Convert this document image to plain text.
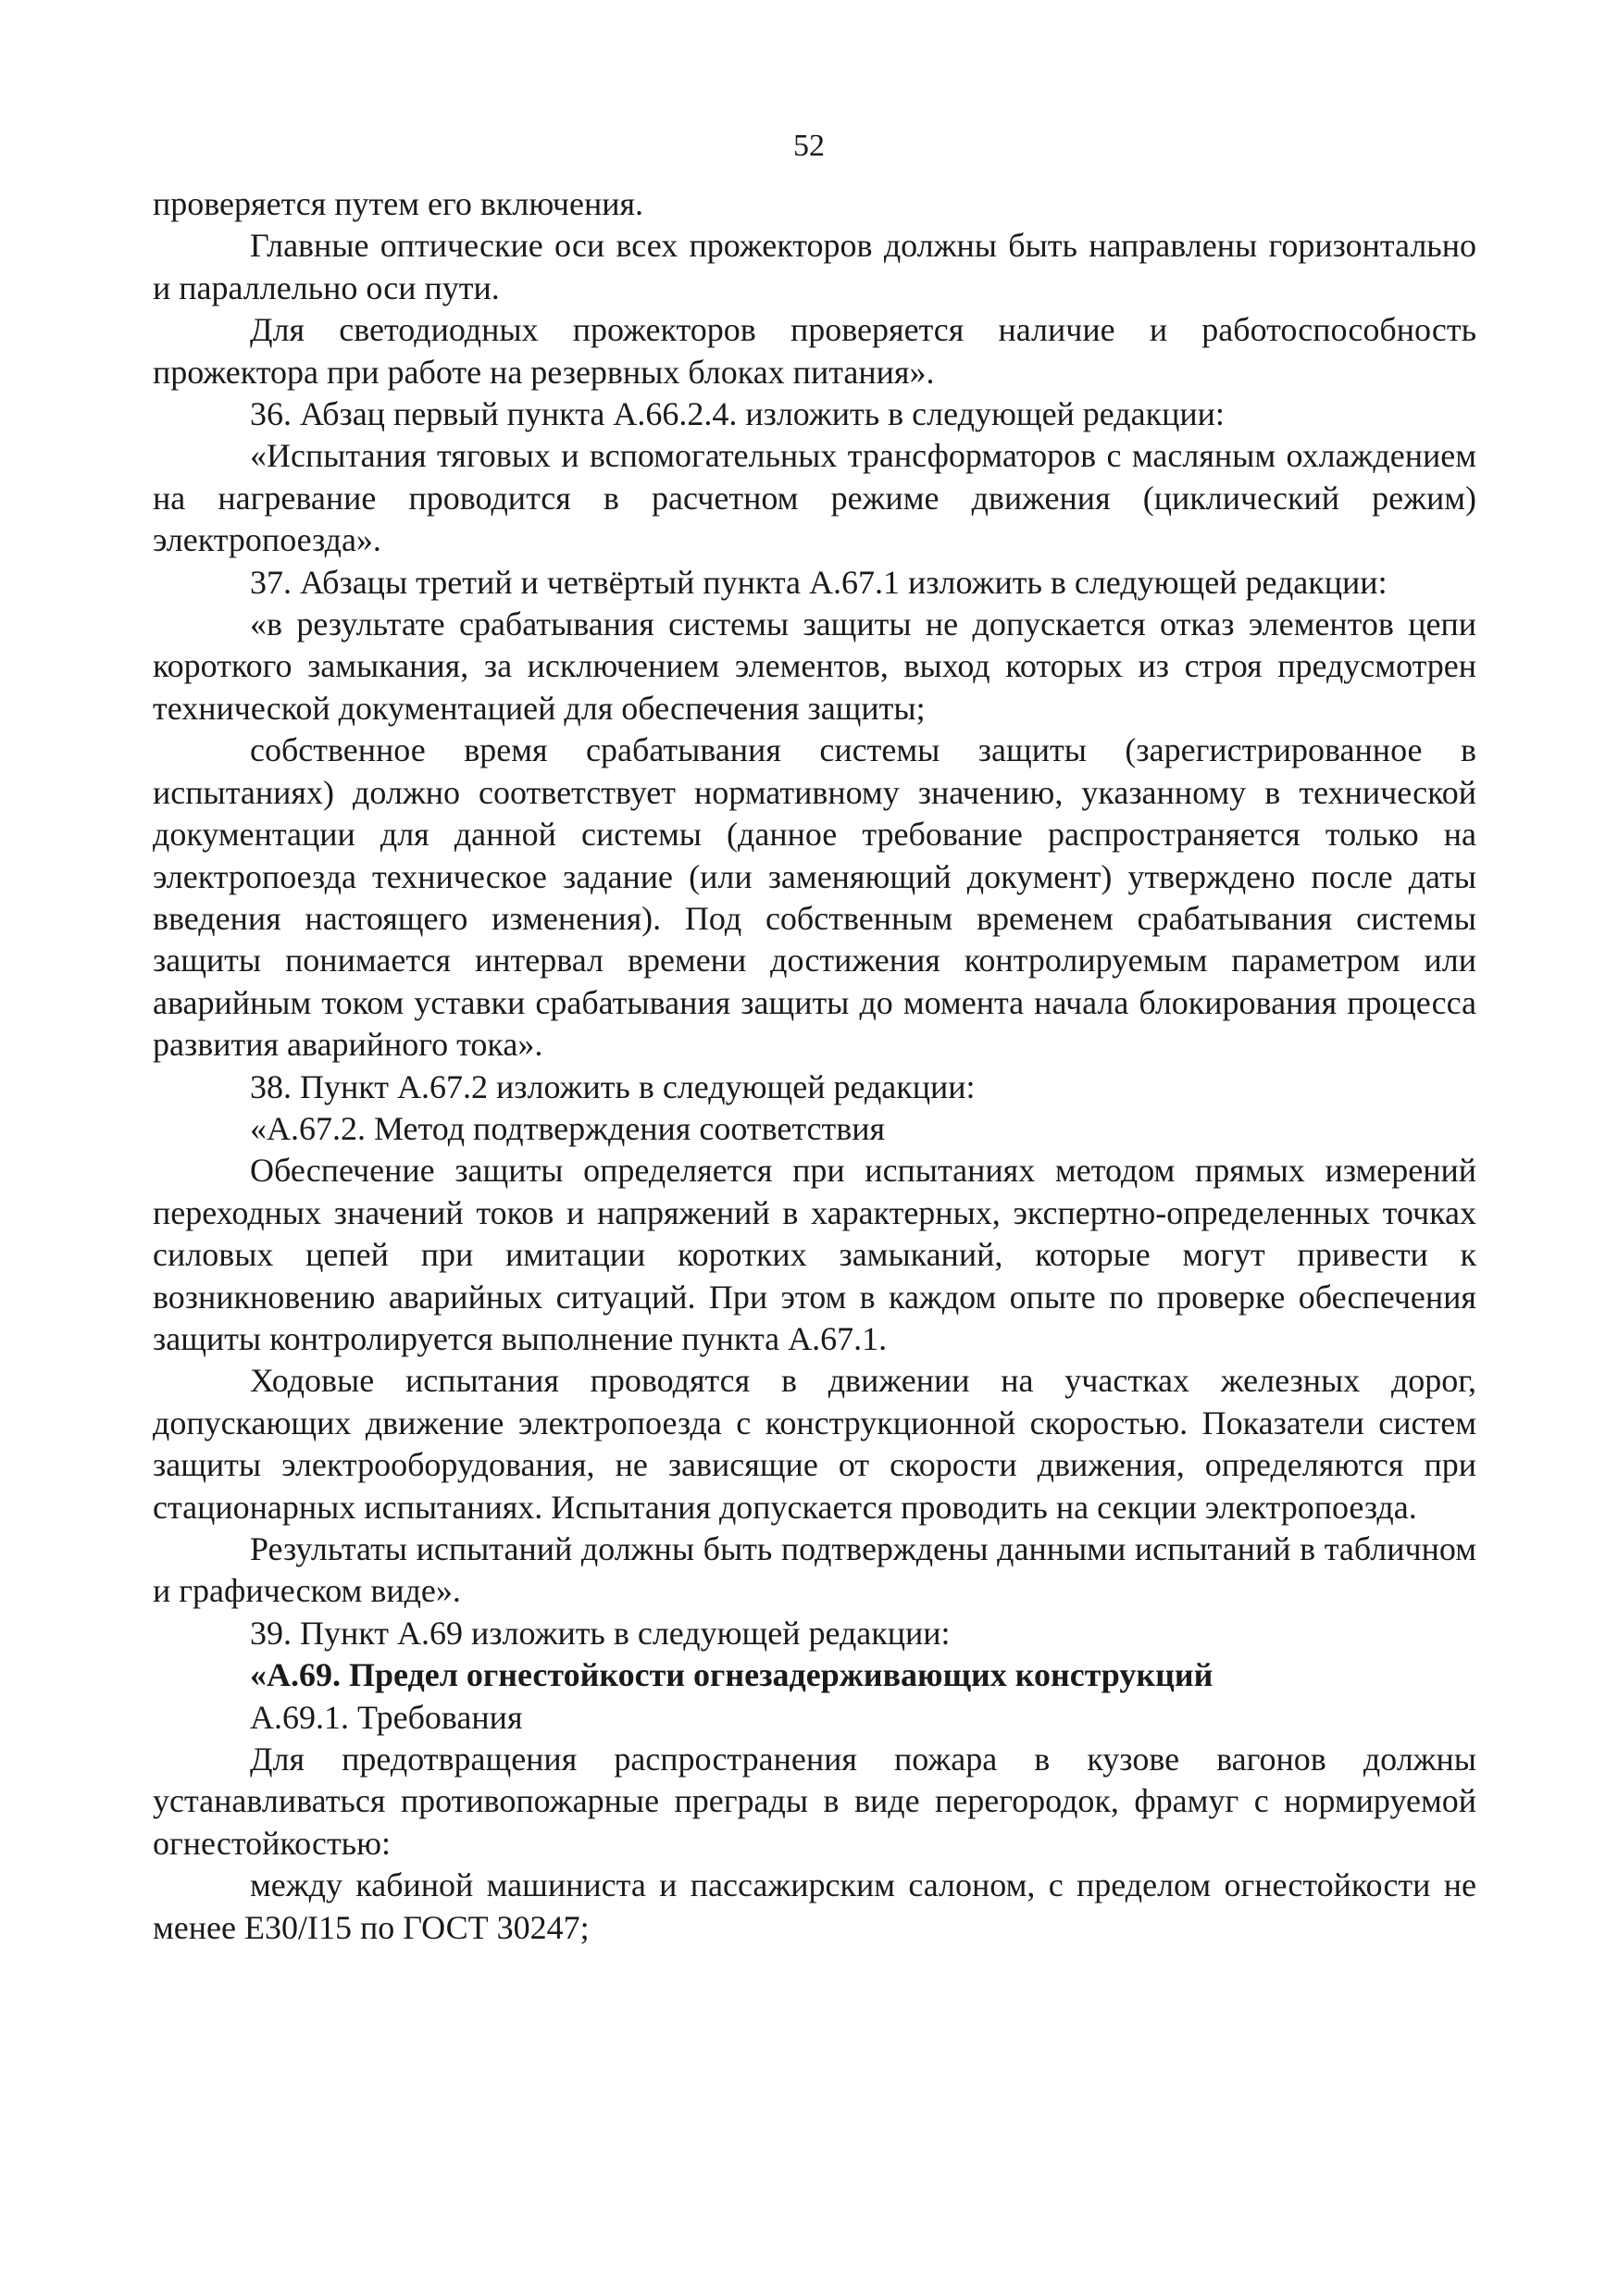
52

проверяется путем его включения.

Главные оптические оси всех прожекторов должны быть направлены горизонтально и параллельно оси пути.

Для светодиодных прожекторов проверяется наличие и работоспособность прожектора при работе на резервных блоках питания».

36. Абзац первый пункта А.66.2.4. изложить в следующей редакции:

«Испытания тяговых и вспомогательных трансформаторов с масляным охлаждением на нагревание проводится в расчетном режиме движения (циклический режим) электропоезда».

37. Абзацы третий и четвёртый пункта А.67.1 изложить в следующей редакции:

«в результате срабатывания системы защиты не допускается отказ элементов цепи короткого замыкания, за исключением элементов, выход которых из строя предусмотрен технической документацией для обеспечения защиты;

собственное время срабатывания системы защиты (зарегистрированное в испытаниях) должно соответствует нормативному значению, указанному в технической документации для данной системы (данное требование распространяется только на электропоезда техническое задание (или заменяющий документ) утверждено после даты введения настоящего изменения). Под собственным временем срабатывания системы защиты понимается интервал времени достижения контролируемым параметром или аварийным током уставки срабатывания защиты до момента начала блокирования процесса развития аварийного тока».

38. Пункт А.67.2 изложить в следующей редакции:

«А.67.2. Метод подтверждения соответствия

Обеспечение защиты определяется при испытаниях методом прямых измерений переходных значений токов и напряжений в характерных, экспертно-определенных точках силовых цепей при имитации коротких замыканий, которые могут привести к возникновению аварийных ситуаций. При этом в каждом опыте по проверке обеспечения защиты контролируется выполнение пункта А.67.1.

Ходовые испытания проводятся в движении на участках железных дорог, допускающих движение электропоезда с конструкционной скоростью. Показатели систем защиты электрооборудования, не зависящие от скорости движения, определяются при стационарных испытаниях. Испытания допускается проводить на секции электропоезда.

Результаты испытаний должны быть подтверждены данными испытаний в табличном и графическом виде».

39. Пункт А.69 изложить в следующей редакции:

«А.69. Предел огнестойкости огнезадерживающих конструкций

А.69.1. Требования

Для предотвращения распространения пожара в кузове вагонов должны устанавливаться противопожарные преграды в виде перегородок, фрамуг с нормируемой огнестойкостью:

между кабиной машиниста и пассажирским салоном, с пределом огнестойкости не менее Е30/I15 по ГОСТ 30247;
